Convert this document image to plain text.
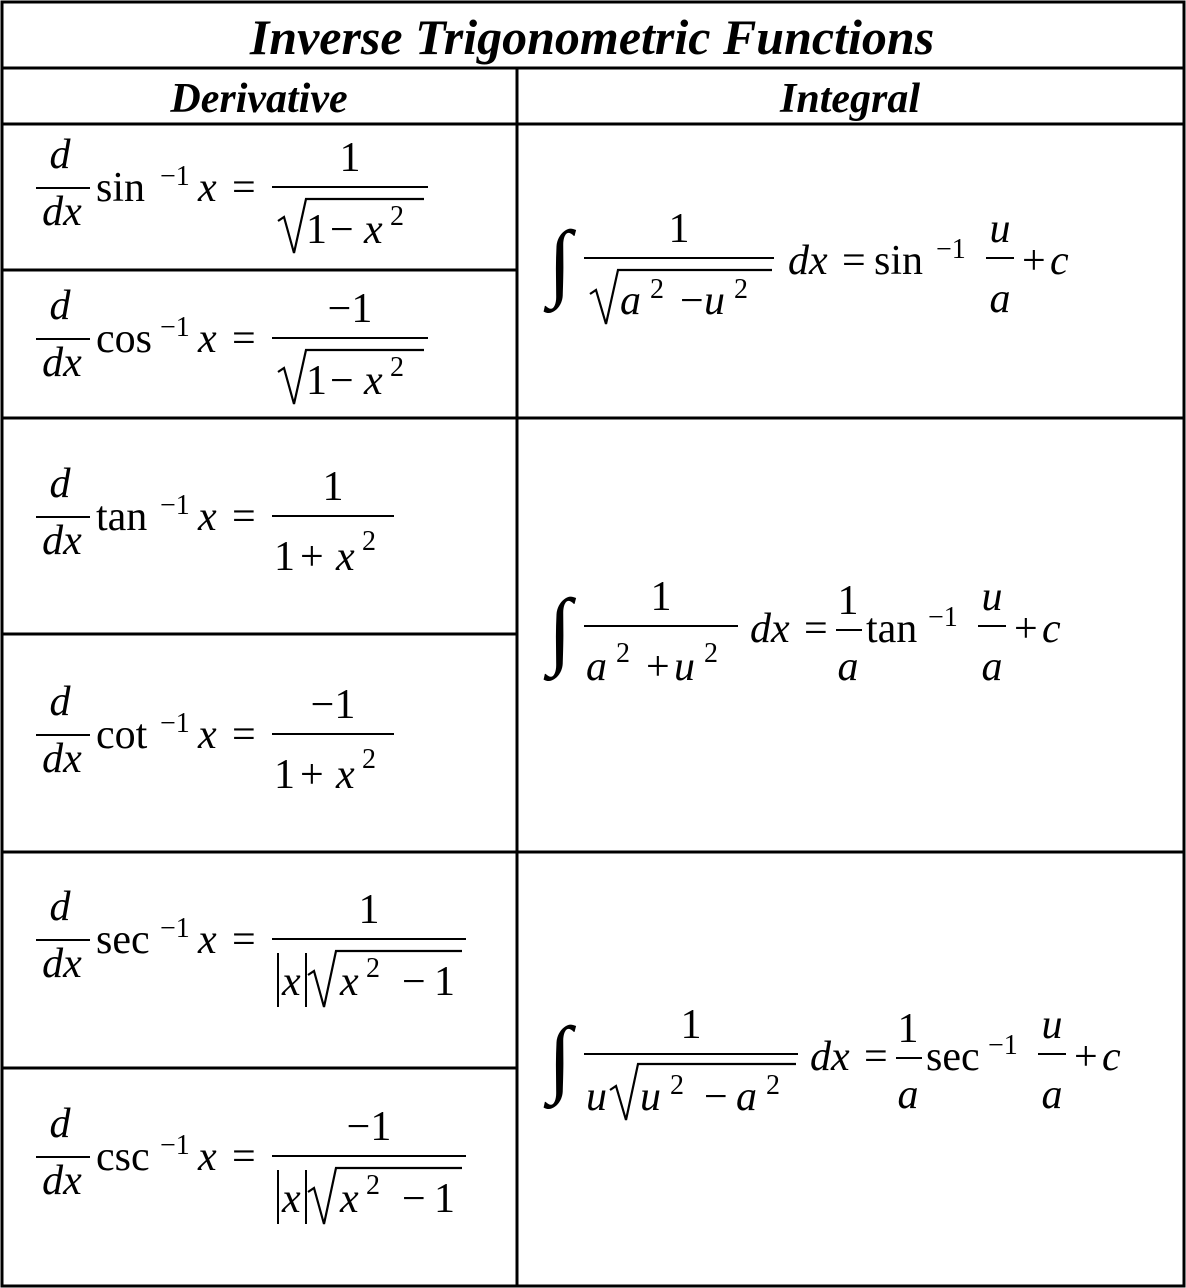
Inverse Trigonometric Functions
Derivative	Integral
d
dx
sin −1 x =
1
1 − x 2
d
dx
cos −1 x =
−1
1 − x 2
d
dx
tan −1 x =
1
1 + x 2
d
dx
cot −1 x =
−1
1 + x 2
d
dx
sec −1 x =
1
x x 2 − 1
d
dx
csc −1 x =
−1
x x 2 − 1
∫ 1
a 2 − u 2
dx = sin −1 u
a
+ c
∫ 1
a 2 + u 2
dx =
1
a
tan −1 u
a
+ c
∫	1
u u 2 − a 2
dx =
1
a
sec −1 u
a
+ c
